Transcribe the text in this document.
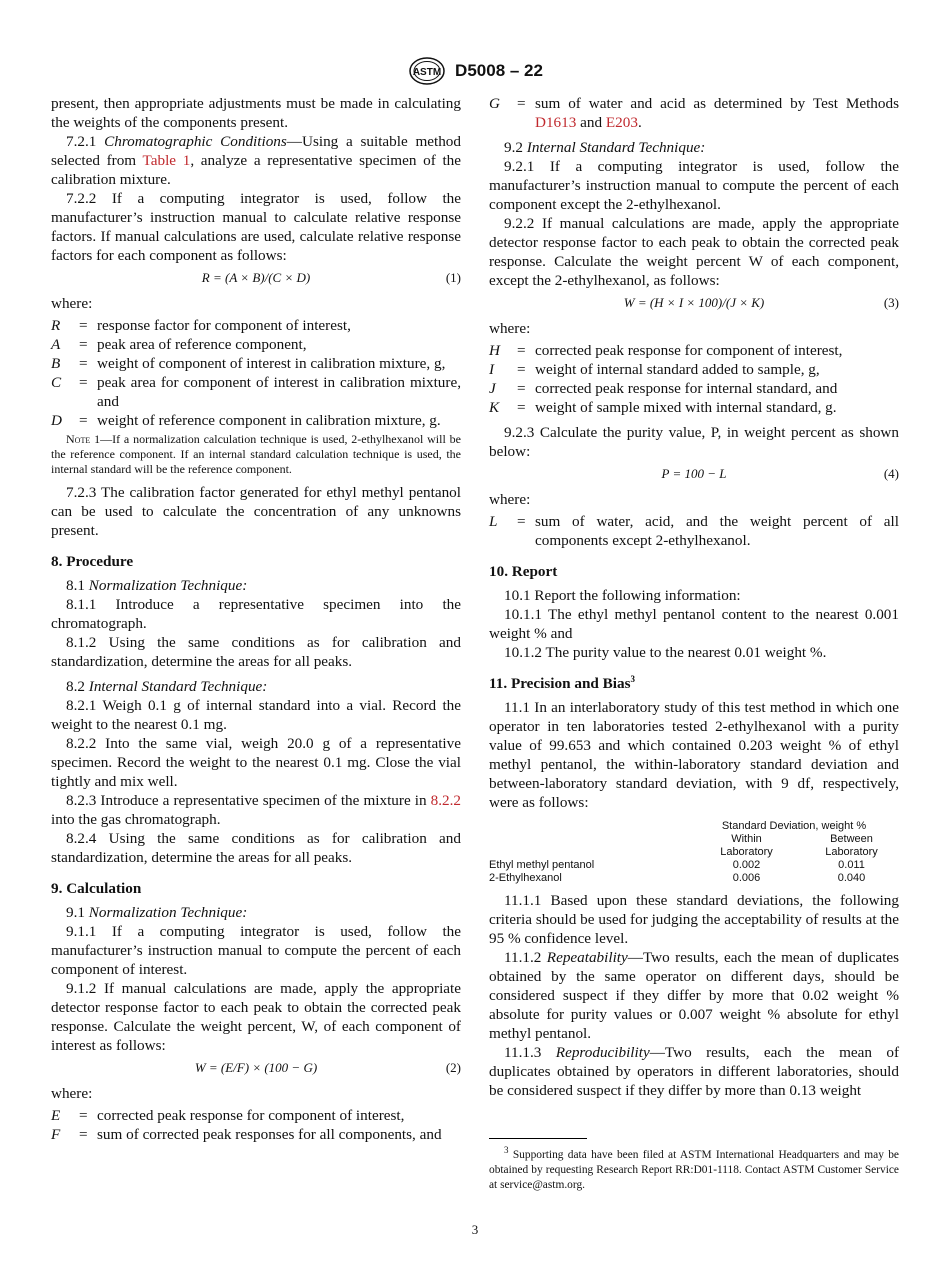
ASTM D5008 – 22

present, then appropriate adjustments must be made in calculating the weights of the components present.

7.2.1 Chromatographic Conditions—Using a suitable method selected from Table 1, analyze a representative specimen of the calibration mixture.

7.2.2 If a computing integrator is used, follow the manufacturer’s instruction manual to calculate relative response factors. If manual calculations are used, calculate relative response factors for each component as follows:

R = (A × B)/(C × D)	(1)

where:

R	= response factor for component of interest,
A	= peak area of reference component,
B	= weight of component of interest in calibration mixture, g,
C	= peak area for component of interest in calibration mixture, and
D	= weight of reference component in calibration mixture, g.

Note 1—If a normalization calculation technique is used, 2-ethylhexanol will be the reference component. If an internal standard calculation technique is used, the internal standard will be the reference component.

7.2.3 The calibration factor generated for ethyl methyl pentanol can be used to calculate the concentration of any unknowns present.

8. Procedure

8.1 Normalization Technique:

8.1.1 Introduce a representative specimen into the chromatograph.

8.1.2 Using the same conditions as for calibration and standardization, determine the areas for all peaks.

8.2 Internal Standard Technique:

8.2.1 Weigh 0.1 g of internal standard into a vial. Record the weight to the nearest 0.1 mg.

8.2.2 Into the same vial, weigh 20.0 g of a representative specimen. Record the weight to the nearest 0.1 mg. Close the vial tightly and mix well.

8.2.3 Introduce a representative specimen of the mixture in 8.2.2 into the gas chromatograph.

8.2.4 Using the same conditions as for calibration and standardization, determine the areas for all peaks.

9. Calculation

9.1 Normalization Technique:

9.1.1 If a computing integrator is used, follow the manufacturer’s instruction manual to compute the percent of each component of interest.

9.1.2 If manual calculations are made, apply the appropriate detector response factor to each peak to obtain the corrected peak response. Calculate the weight percent, W, of each component of interest as follows:

W = (E/F) × (100 − G)	(2)

where:

E	= corrected peak response for component of interest,
F	= sum of corrected peak responses for all components, and
G	= sum of water and acid as determined by Test Methods D1613 and E203.

9.2 Internal Standard Technique:

9.2.1 If a computing integrator is used, follow the manufacturer’s instruction manual to compute the percent of each component except the 2-ethylhexanol.

9.2.2 If manual calculations are made, apply the appropriate detector response factor to each peak to obtain the corrected peak response. Calculate the weight percent W of each component, except the 2-ethylhexanol, as follows:

W = (H × I × 100)/(J × K)	(3)

where:

H	= corrected peak response for component of interest,
I	= weight of internal standard added to sample, g,
J	= corrected peak response for internal standard, and
K	= weight of sample mixed with internal standard, g.

9.2.3 Calculate the purity value, P, in weight percent as shown below:

P = 100 − L	(4)

where:

L	= sum of water, acid, and the weight percent of all components except 2-ethylhexanol.

10. Report

10.1 Report the following information:

10.1.1 The ethyl methyl pentanol content to the nearest 0.001 weight % and

10.1.2 The purity value to the nearest 0.01 weight %.

11. Precision and Bias$^3$

11.1 In an interlaboratory study of this test method in which one operator in ten laboratories tested 2-ethylhexanol with a purity value of 99.653 and which contained 0.203 weight % of ethyl methyl pentanol, the within-laboratory standard deviation and between-laboratory standard deviation, with 9 df, respectively, were as follows:

Standard Deviation, weight %
Within	Between
Laboratory	Laboratory
Ethyl methyl pentanol	0.002	0.011
2-Ethylhexanol	0.006	0.040

11.1.1 Based upon these standard deviations, the following criteria should be used for judging the acceptability of results at the 95 % confidence level.

11.1.2 Repeatability—Two results, each the mean of duplicates obtained by the same operator on different days, should be considered suspect if they differ by more that 0.02 weight % absolute for purity values or 0.007 weight % absolute for ethyl methyl pentanol.

11.1.3 Reproducibility—Two results, each the mean of duplicates obtained by operators in different laboratories, should be considered suspect if they differ by more than 0.13 weight

$^3$ Supporting data have been filed at ASTM International Headquarters and may be obtained by requesting Research Report RR:D01-1118. Contact ASTM Customer Service at service@astm.org.

3
